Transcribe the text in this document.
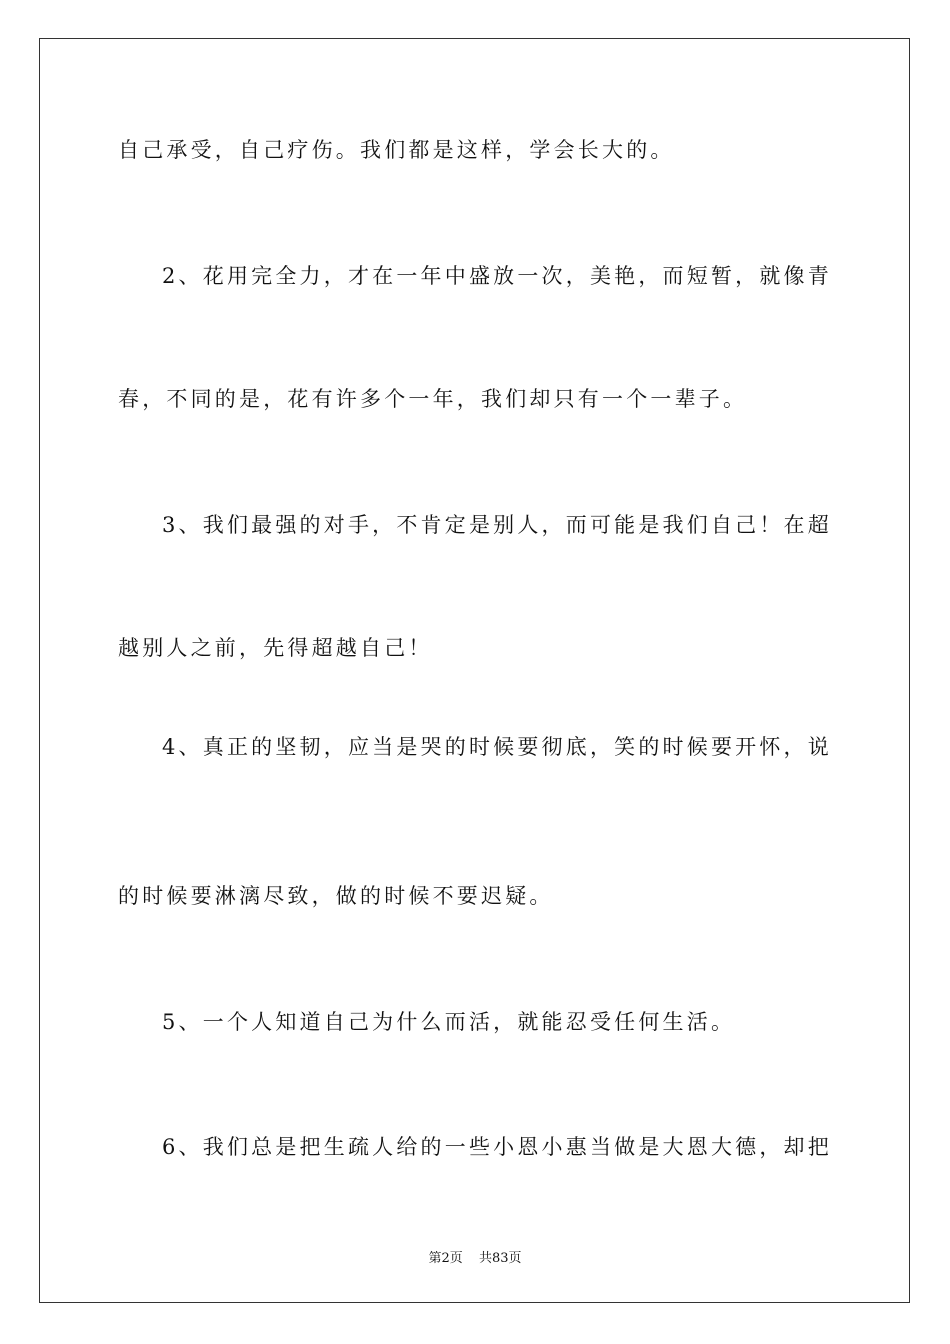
自己承受，自己疗伤。我们都是这样，学会长大的。
2、花用完全力，才在一年中盛放一次，美艳，而短暂，就像青
春，不同的是，花有许多个一年，我们却只有一个一辈子。
3、我们最强的对手，不肯定是别人，而可能是我们自己！在超
越别人之前，先得超越自己！
4、真正的坚韧，应当是哭的时候要彻底，笑的时候要开怀，说
的时候要淋漓尽致，做的时候不要迟疑。
5、一个人知道自己为什么而活，就能忍受任何生活。
6、我们总是把生疏人给的一些小恩小惠当做是大恩大德，却把
第2页 共83页
